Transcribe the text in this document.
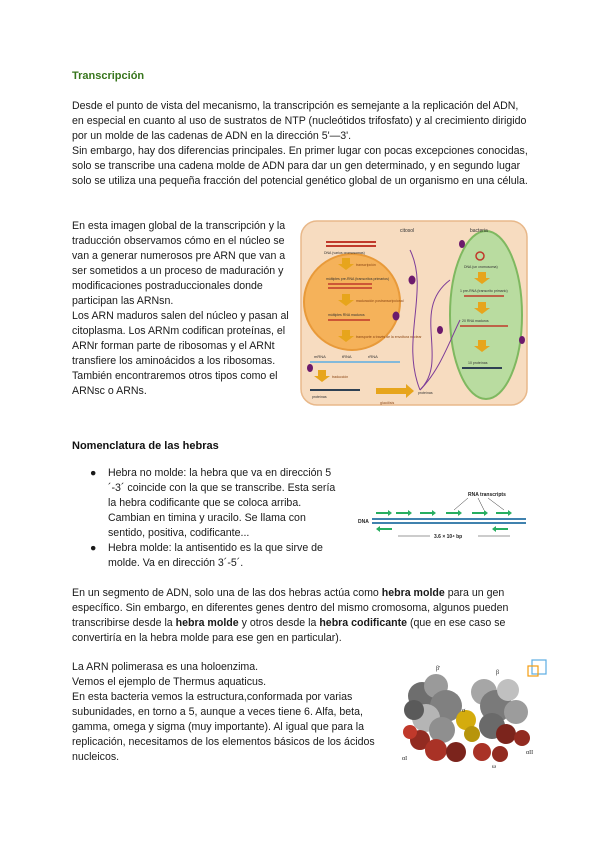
Transcripción

Desde el punto de vista del mecanismo, la transcripción es semejante a la replicación del ADN, en especial en cuanto al uso de sustratos de NTP (nucleótidos trifosfato) y al crecimiento dirigido por un molde de las cadenas de ADN en la dirección 5'—3'.

Sin embargo, hay dos diferencias principales. En primer lugar con pocas excepciones conocidas, solo se transcribe una cadena molde de ADN para dar un gen determinado, y en segundo lugar solo se utiliza una pequeña fracción del potencial genético global de un organismo en una célula.

En esta imagen global de la transcripción y la traducción observamos cómo en el núcleo se van a generar numerosos pre ARN que van a ser sometidos a un proceso de maduración y modificaciones postraduccionales donde participan las ARNsn.

Los ARN maduros salen del núcleo y pasan al citoplasma. Los ARNm codifican proteínas, el ARNr forman parte de ribosomas y el ARNt transfiere los aminoácidos a los ribosomas. También encontraremos otros tipos como el ARNsc o ARNs.

citosol	bacteria
DNA (varios cromosomas)
transcripción
múltiples pre-RNA (transcritos primarios)
maduración postranscripcional
múltiples RNA maduros
transporte a través de la envoltura nuclear
mRNA	tRNA	rRNA
traducción
proteínas
glucólisis
proteínas
DNA (un cromosoma)
1 pre-RNA (transcrito primario)
20 RNA maduros
10 proteínas
Nomenclatura de las hebras
● Hebra no molde: la hebra que va en dirección 5´-3´ coincide con la que se transcribe. Esta sería la hebra codificante que se coloca arriba. Cambian en timina y uracilo. Se llama con sentido, positiva, codificante...
● Hebra molde: la antisentido es la que sirve de molde. Va en dirección 3´-5´.
RNA transcripts
DNA
3.6 × 10⁴ bp
En un segmento de ADN, solo una de las dos hebras actúa como hebra molde para un gen específico. Sin embargo, en diferentes genes dentro del mismo cromosoma, algunos pueden transcribirse desde la hebra molde y otros desde la hebra codificante (que en ese caso se convertiría en la hebra molde para ese gen en particular).

La ARN polimerasa es una holoenzima.

Vemos el ejemplo de Thermus aquaticus.

En esta bacteria vemos la estructura,conformada por varias subunidades, en torno a 5, aunque a veces tiene 6. Alfa, beta, gamma, omega y sigma (muy importante). Al igual que para la replicación, necesitamos de los elementos básicos de los ácidos nucleicos.

β'
β
αI
αII
ω
σ
